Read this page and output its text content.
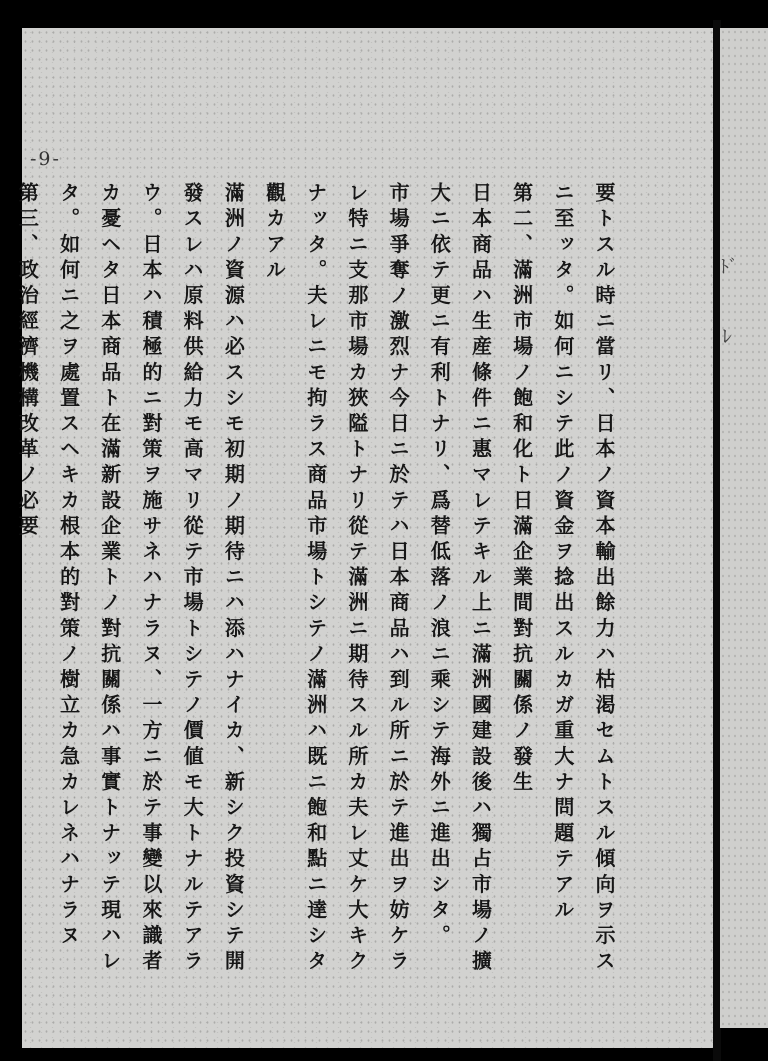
ﾄﾞ
ﾚ
-9-
要トスル時ニ當リ、日本ノ資本輸出餘力ハ枯渇セムトスル傾向ヲ示ス
ニ至ッタ。如何ニシテ此ノ資金ヲ捻出スルカガ重大ナ問題テアル
第二、滿洲市場ノ飽和化ト日滿企業間對抗關係ノ發生
日本商品ハ生産條件ニ惠マレテキル上ニ滿洲國建設後ハ獨占市場ノ擴
大ニ依テ更ニ有利トナリ、爲替低落ノ浪ニ乘シテ海外ニ進出シタ。
市場爭奪ノ激烈ナ今日ニ於テハ日本商品ハ到ル所ニ於テ進出ヲ妨ケラ
レ特ニ支那市場カ狹隘トナリ從テ滿洲ニ期待スル所カ夫レ丈ケ大キク
ナッタ。夫レニモ拘ラス商品市場トシテノ滿洲ハ既ニ飽和點ニ達シタ
觀カアル
滿洲ノ資源ハ必スシモ初期ノ期待ニハ添ハナイカ、新シク投資シテ開
發スレハ原料供給力モ高マリ從テ市場トシテノ價値モ大トナルテアラ
ウ。日本ハ積極的ニ對策ヲ施サネハナラヌ、一方ニ於テ事變以來識者
カ憂ヘタ日本商品ト在滿新設企業トノ對抗關係ハ事實トナッテ現ハレ
タ。如何ニ之ヲ處置スヘキカ根本的對策ノ樹立カ急カレネハナラヌ
第三、政治經濟機構改革ノ必要
